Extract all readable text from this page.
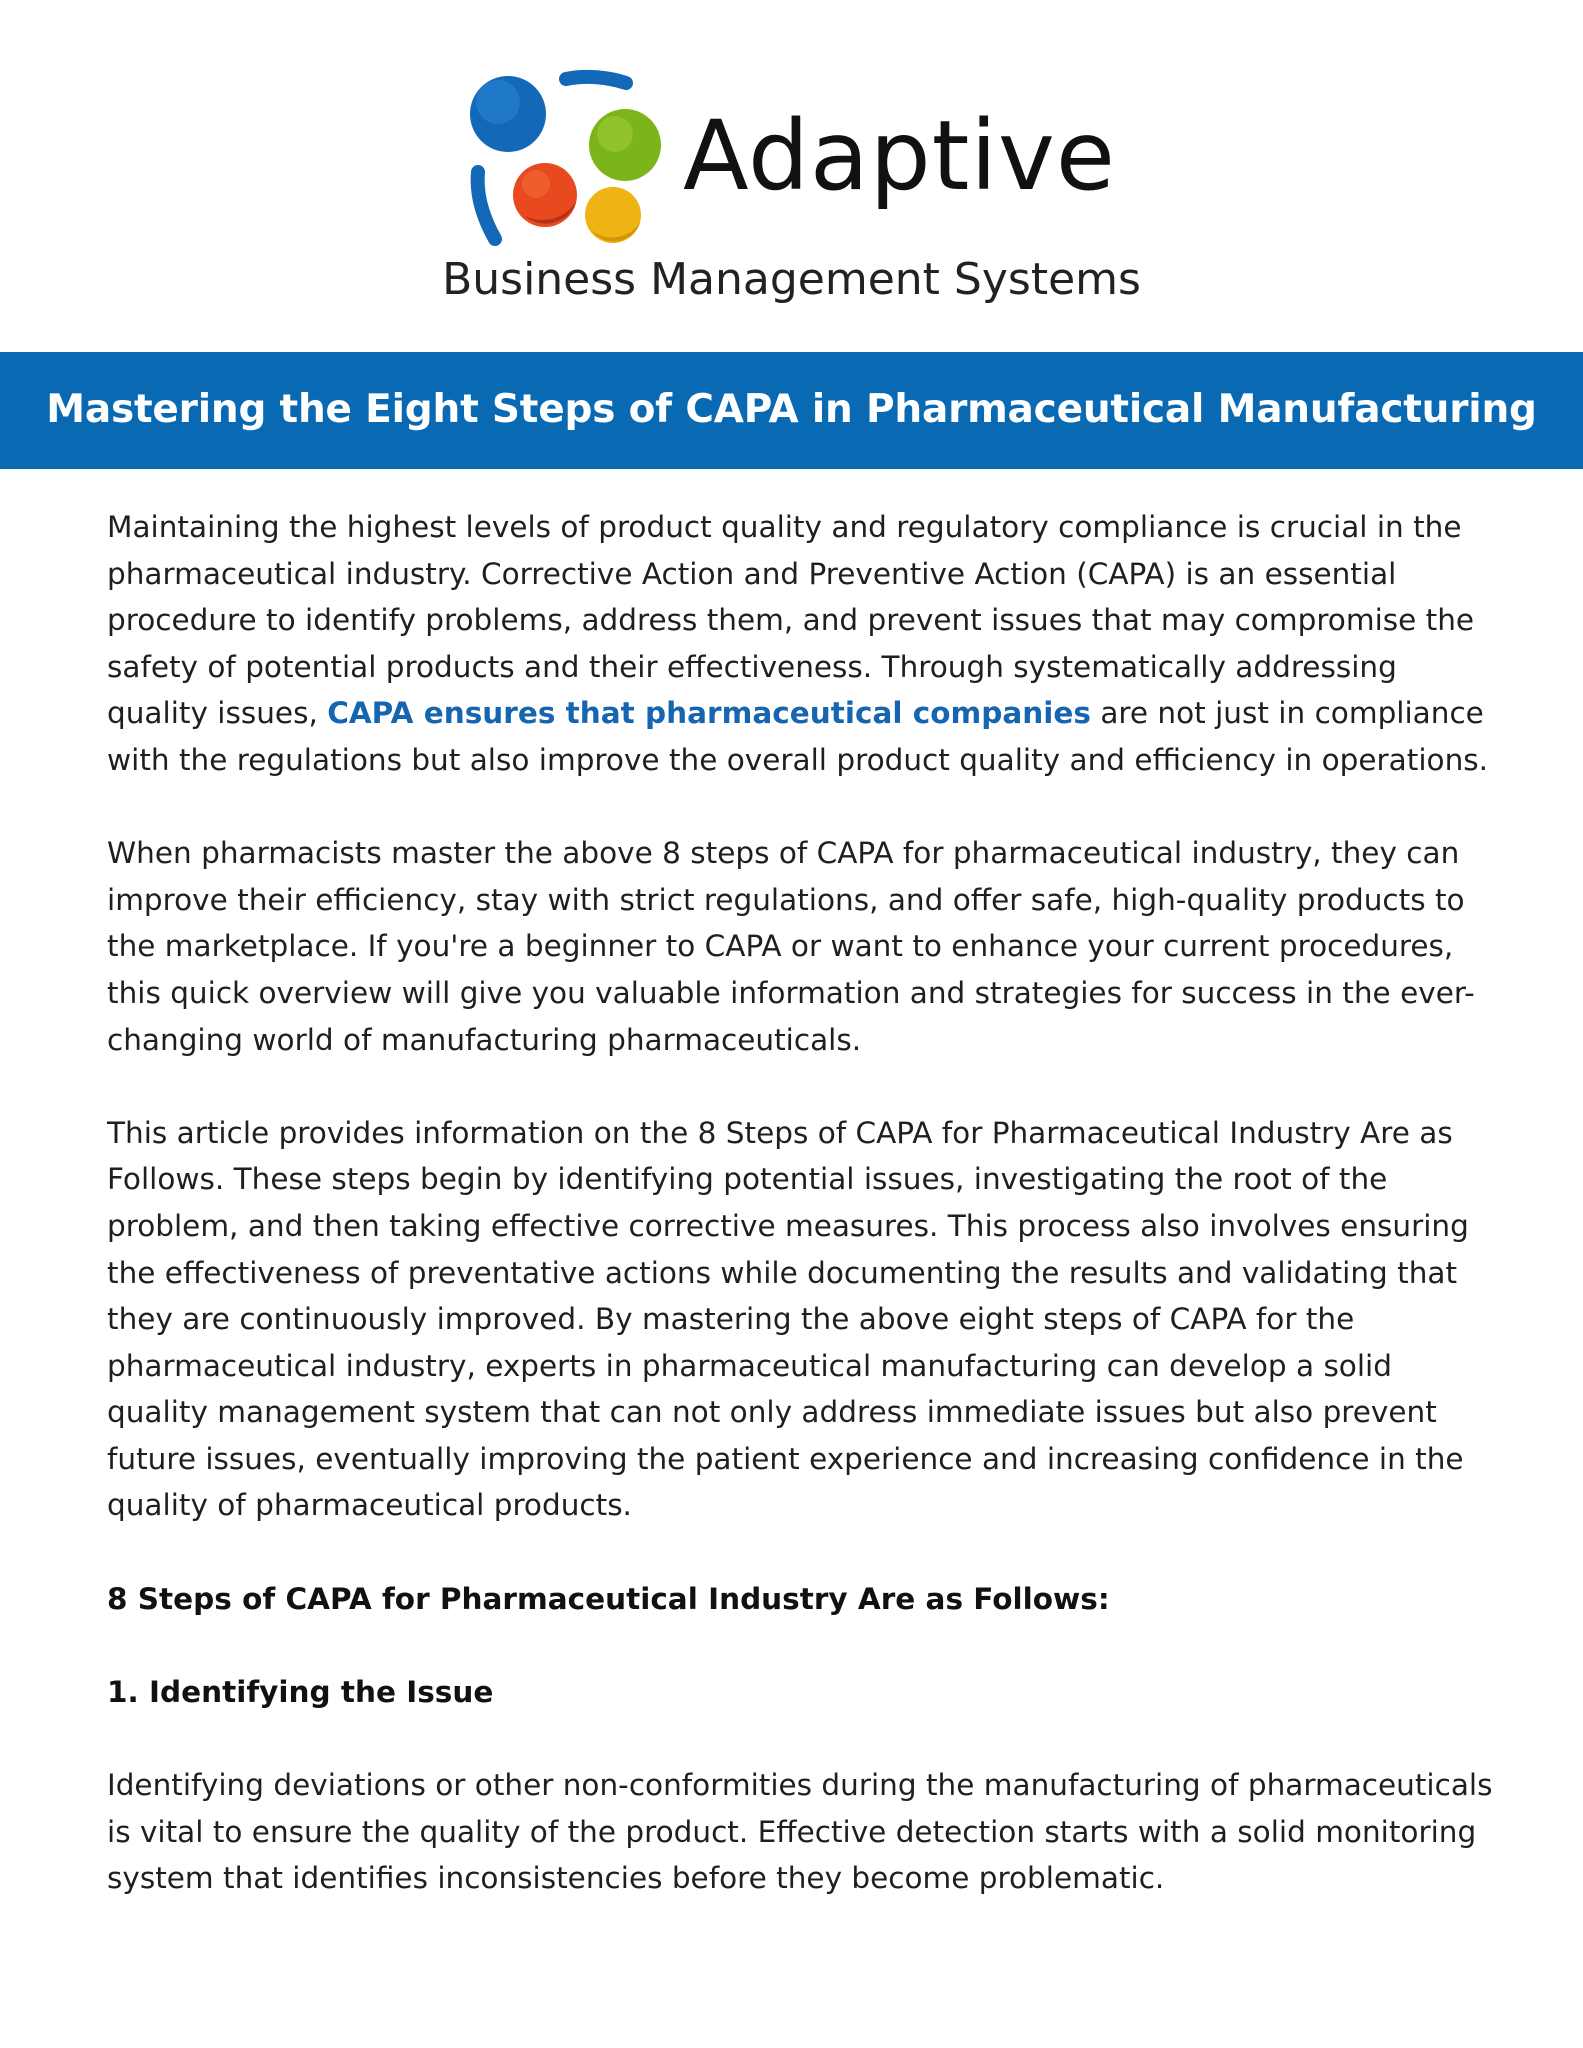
Adaptive
Business Management Systems
Mastering the Eight Steps of CAPA in Pharmaceutical Manufacturing

Maintaining the highest levels of product quality and regulatory compliance is crucial in the pharmaceutical industry. Corrective Action and Preventive Action (CAPA) is an essential procedure to identify problems, address them, and prevent issues that may compromise the safety of potential products and their effectiveness. Through systematically addressing quality issues, CAPA ensures that pharmaceutical companies are not just in compliance with the regulations but also improve the overall product quality and efficiency in operations.

When pharmacists master the above 8 steps of CAPA for pharmaceutical industry, they can improve their efficiency, stay with strict regulations, and offer safe, high-quality products to the marketplace. If you're a beginner to CAPA or want to enhance your current procedures, this quick overview will give you valuable information and strategies for success in the ever-changing world of manufacturing pharmaceuticals.

This article provides information on the 8 Steps of CAPA for Pharmaceutical Industry Are as Follows. These steps begin by identifying potential issues, investigating the root of the problem, and then taking effective corrective measures. This process also involves ensuring the effectiveness of preventative actions while documenting the results and validating that they are continuously improved. By mastering the above eight steps of CAPA for the pharmaceutical industry, experts in pharmaceutical manufacturing can develop a solid quality management system that can not only address immediate issues but also prevent future issues, eventually improving the patient experience and increasing confidence in the quality of pharmaceutical products.

8 Steps of CAPA for Pharmaceutical Industry Are as Follows:

1. Identifying the Issue

Identifying deviations or other non-conformities during the manufacturing of pharmaceuticals is vital to ensure the quality of the product. Effective detection starts with a solid monitoring system that identifies inconsistencies before they become problematic.
